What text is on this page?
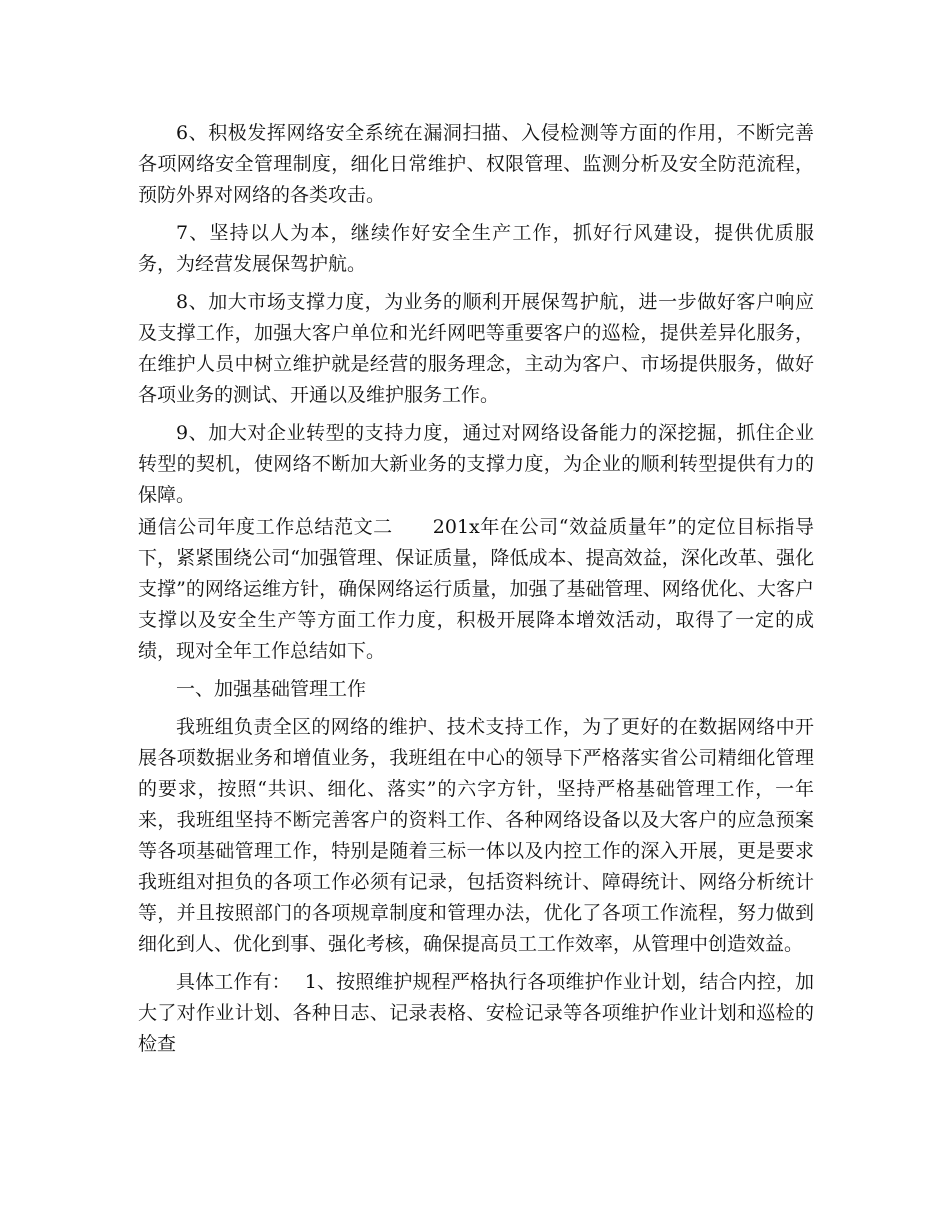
6、积极发挥网络安全系统在漏洞扫描、入侵检测等方面的作用，不断完善各项网络安全管理制度，细化日常维护、权限管理、监测分析及安全防范流程，预防外界对网络的各类攻击。

7、坚持以人为本，继续作好安全生产工作，抓好行风建设，提供优质服务，为经营发展保驾护航。

8、加大市场支撑力度，为业务的顺利开展保驾护航，进一步做好客户响应及支撑工作，加强大客户单位和光纤网吧等重要客户的巡检，提供差异化服务，在维护人员中树立维护就是经营的服务理念，主动为客户、市场提供服务，做好各项业务的测试、开通以及维护服务工作。

9、加大对企业转型的支持力度，通过对网络设备能力的深挖掘，抓住企业转型的契机，使网络不断加大新业务的支撑力度，为企业的顺利转型提供有力的保障。

通信公司年度工作总结范文二 201x年在公司“效益质量年”的定位目标指导下，紧紧围绕公司“加强管理、保证质量，降低成本、提高效益，深化改革、强化支撑”的网络运维方针，确保网络运行质量，加强了基础管理、网络优化、大客户支撑以及安全生产等方面工作力度，积极开展降本增效活动，取得了一定的成绩，现对全年工作总结如下。

一、加强基础管理工作

我班组负责全区的网络的维护、技术支持工作，为了更好的在数据网络中开展各项数据业务和增值业务，我班组在中心的领导下严格落实省公司精细化管理的要求，按照“共识、细化、落实”的六字方针，坚持严格基础管理工作，一年来，我班组坚持不断完善客户的资料工作、各种网络设备以及大客户的应急预案等各项基础管理工作，特别是随着三标一体以及内控工作的深入开展，更是要求我班组对担负的各项工作必须有记录，包括资料统计、障碍统计、网络分析统计等，并且按照部门的各项规章制度和管理办法，优化了各项工作流程，努力做到细化到人、优化到事、强化考核，确保提高员工工作效率，从管理中创造效益。

具体工作有： 1、按照维护规程严格执行各项维护作业计划，结合内控，加大了对作业计划、各种日志、记录表格、安检记录等各项维护作业计划和巡检的检查
